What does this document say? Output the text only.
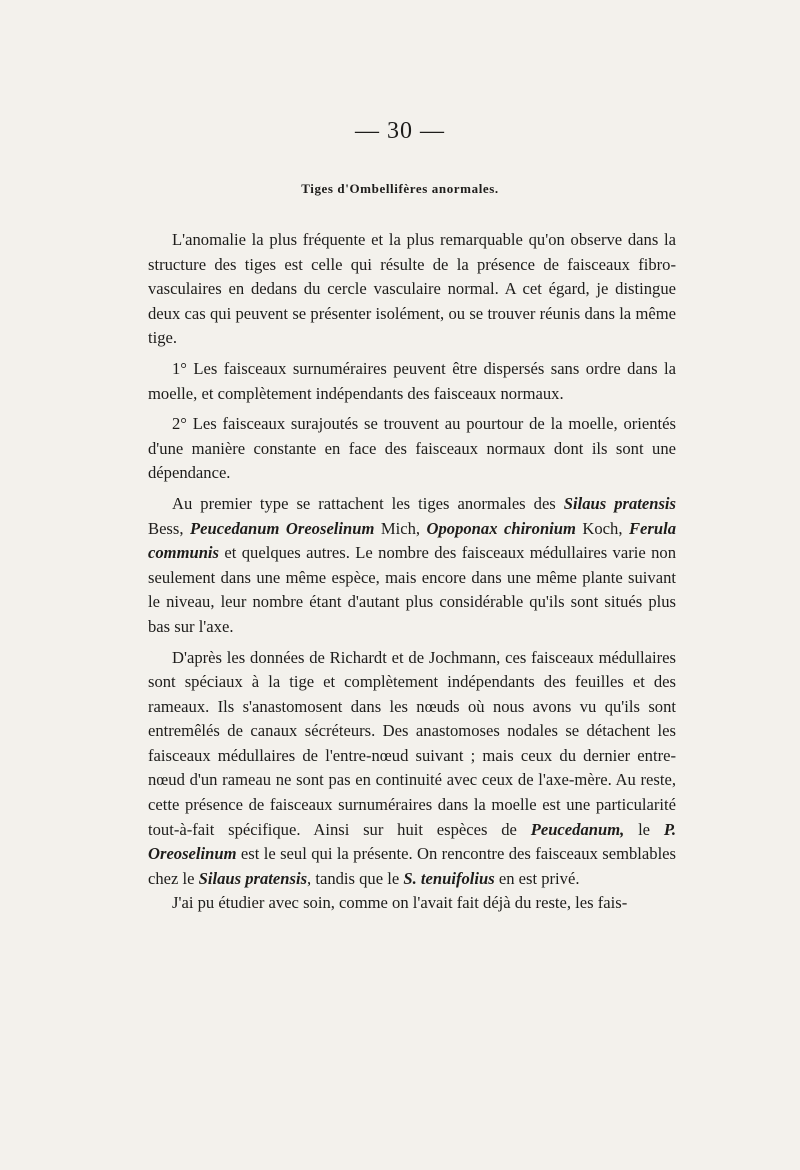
— 30 —
Tiges d'Ombellifères anormales.

L'anomalie la plus fréquente et la plus remarquable qu'on observe dans la structure des tiges est celle qui résulte de la présence de faisceaux fibro-vasculaires en dedans du cercle vasculaire normal. A cet égard, je distingue deux cas qui peuvent se présenter isolément, ou se trouver réunis dans la même tige.

1° Les faisceaux surnuméraires peuvent être dispersés sans ordre dans la moelle, et complètement indépendants des faisceaux normaux.

2° Les faisceaux surajoutés se trouvent au pourtour de la moelle, orientés d'une manière constante en face des faisceaux normaux dont ils sont une dépendance.

Au premier type se rattachent les tiges anormales des Silaus pratensis Bess, Peucedanum Oreoselinum Mich, Opoponax chironium Koch, Ferula communis et quelques autres. Le nombre des faisceaux médullaires varie non seulement dans une même espèce, mais encore dans une même plante suivant le niveau, leur nombre étant d'autant plus considérable qu'ils sont situés plus bas sur l'axe.

D'après les données de Richardt et de Jochmann, ces faisceaux médullaires sont spéciaux à la tige et complètement indépendants des feuilles et des rameaux. Ils s'anastomosent dans les nœuds où nous avons vu qu'ils sont entremêlés de canaux sécréteurs. Des anastomoses nodales se détachent les faisceaux médullaires de l'entre-nœud suivant ; mais ceux du dernier entre-nœud d'un rameau ne sont pas en continuité avec ceux de l'axe-mère. Au reste, cette présence de faisceaux surnuméraires dans la moelle est une particularité tout-à-fait spécifique. Ainsi sur huit espèces de Peucedanum, le P. Oreoselinum est le seul qui la présente. On rencontre des faisceaux semblables chez le Silaus pratensis, tandis que le S. tenuifolius en est privé.

J'ai pu étudier avec soin, comme on l'avait fait déjà du reste, les fais-
